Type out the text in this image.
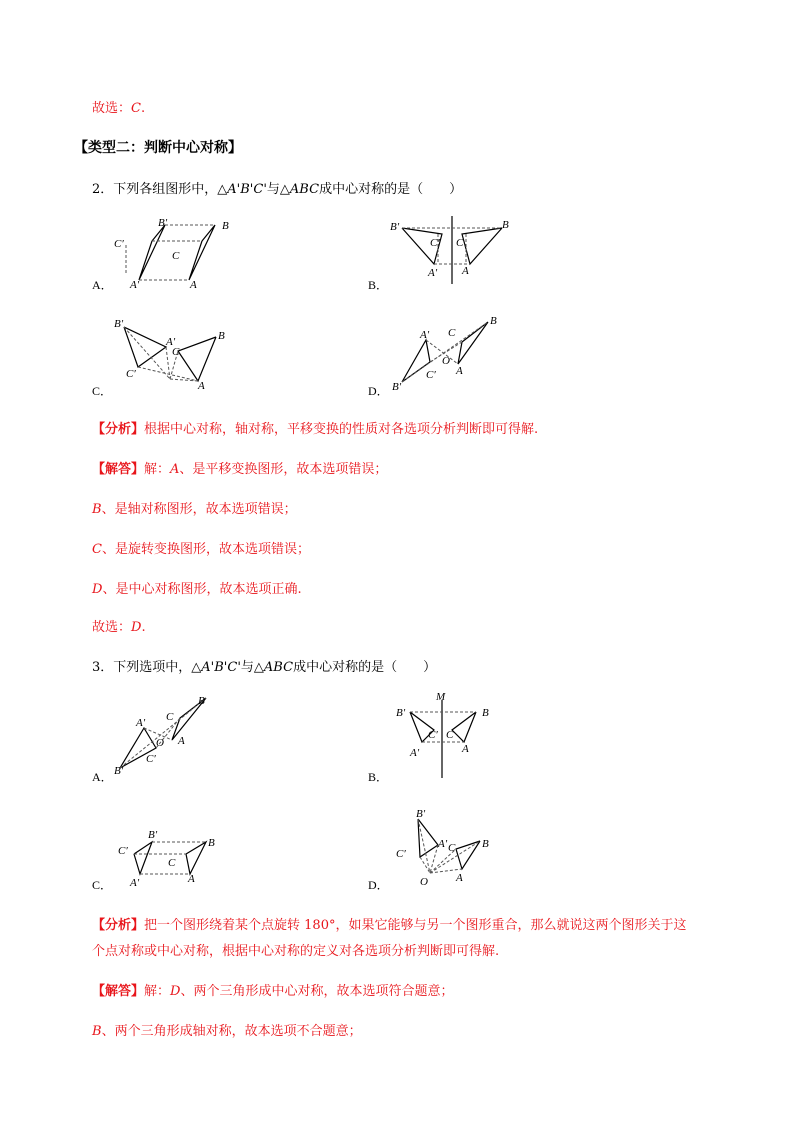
故选：C.
【类型二：判断中心对称】
2．下列各组图形中，△A'B'C'与△ABC成中心对称的是（　　）
B′	B
C′
C
A′	A
A．
B′	B
C′ C
A′ A
B．
B′
B
A′
C
C′
A
C．	B′
A′ C
B
O
C′ A
D．
【分析】根据中心对称，轴对称，平移变换的性质对各选项分析判断即可得解.
【解答】解：A、是平移变换图形，故本选项错误；
B、是轴对称图形，故本选项错误；
C、是旋转变换图形，故本选项错误；
D、是中心对称图形，故本选项正确.
故选：D.
3．下列选项中，△A'B'C'与△ABC成中心对称的是（　　）
A′ C
B
O A
C′
B′
A．
M
B′	B
C′ C
A′	A
B．
B′
B
C′
C
A′	A
C．
B′
C′
A′ C B
O	A
D．
【分析】把一个图形绕着某个点旋转 180°，如果它能够与另一个图形重合，那么就说这两个图形关于这
个点对称或中心对称，根据中心对称的定义对各选项分析判断即可得解.
【解答】解：D、两个三角形成中心对称，故本选项符合题意；
B、两个三角形成轴对称，故本选项不合题意；
